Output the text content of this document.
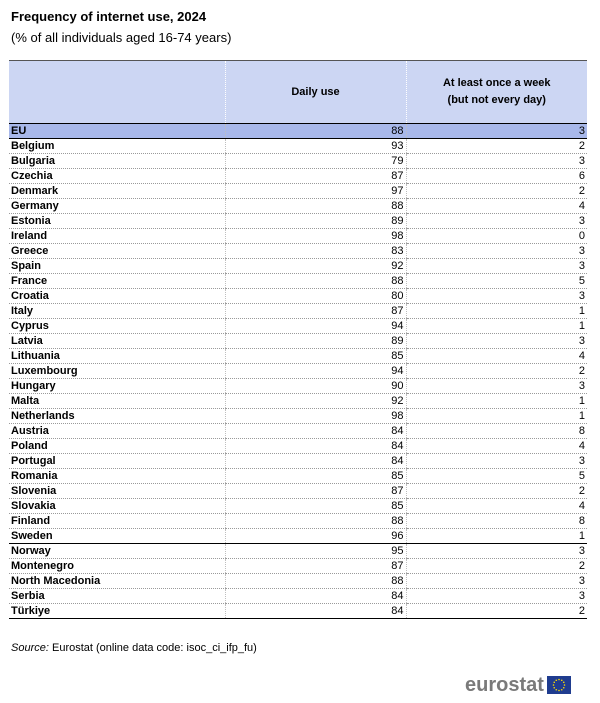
Frequency of internet use, 2024
(% of all individuals aged 16-74 years)
	Daily use	At least once a week (but not every day)
EU	88	3
Belgium	93	2
Bulgaria	79	3
Czechia	87	6
Denmark	97	2
Germany	88	4
Estonia	89	3
Ireland	98	0
Greece	83	3
Spain	92	3
France	88	5
Croatia	80	3
Italy	87	1
Cyprus	94	1
Latvia	89	3
Lithuania	85	4
Luxembourg	94	2
Hungary	90	3
Malta	92	1
Netherlands	98	1
Austria	84	8
Poland	84	4
Portugal	84	3
Romania	85	5
Slovenia	87	2
Slovakia	85	4
Finland	88	8
Sweden	96	1
Norway	95	3
Montenegro	87	2
North Macedonia	88	3
Serbia	84	3
Türkiye	84	2
Source: Eurostat (online data code: isoc_ci_ifp_fu)
eurostat
